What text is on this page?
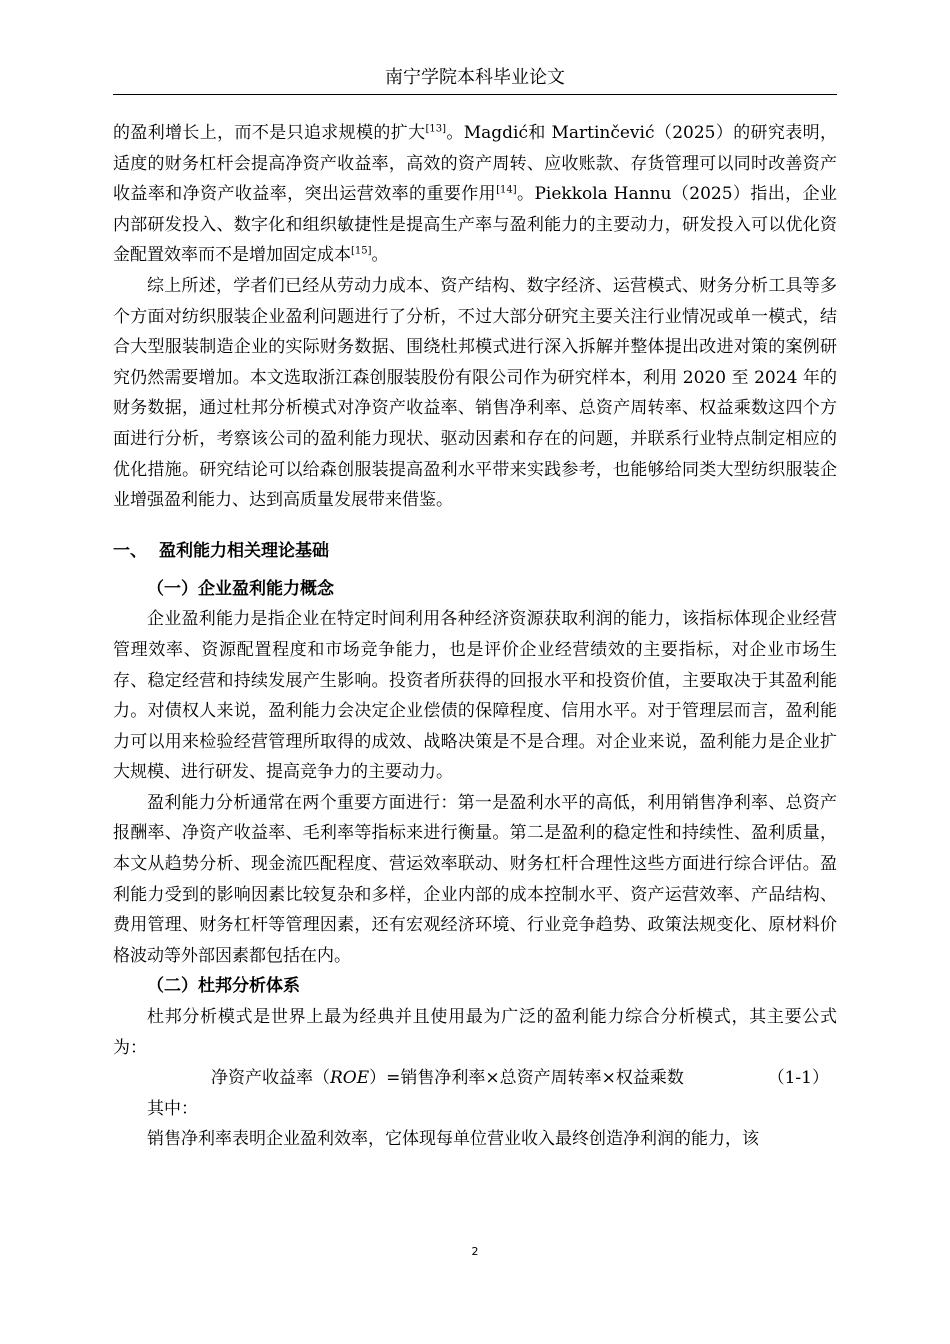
南宁学院本科毕业论文

的盈利增长上，而不是只追求规模的扩大[13]。Magdić和 Martinčević（2025）的研究表明，适度的财务杠杆会提高净资产收益率，高效的资产周转、应收账款、存货管理可以同时改善资产收益率和净资产收益率，突出运营效率的重要作用[14]。Piekkola Hannu（2025）指出，企业内部研发投入、数字化和组织敏捷性是提高生产率与盈利能力的主要动力，研发投入可以优化资金配置效率而不是增加固定成本[15]。

综上所述，学者们已经从劳动力成本、资产结构、数字经济、运营模式、财务分析工具等多个方面对纺织服装企业盈利问题进行了分析，不过大部分研究主要关注行业情况或单一模式，结合大型服装制造企业的实际财务数据、围绕杜邦模式进行深入拆解并整体提出改进对策的案例研究仍然需要增加。本文选取浙江森创服装股份有限公司作为研究样本，利用 2020 至 2024 年的财务数据，通过杜邦分析模式对净资产收益率、销售净利率、总资产周转率、权益乘数这四个方面进行分析，考察该公司的盈利能力现状、驱动因素和存在的问题，并联系行业特点制定相应的优化措施。研究结论可以给森创服装提高盈利水平带来实践参考，也能够给同类大型纺织服装企业增强盈利能力、达到高质量发展带来借鉴。

一、 盈利能力相关理论基础
（一）企业盈利能力概念

企业盈利能力是指企业在特定时间利用各种经济资源获取利润的能力，该指标体现企业经营管理效率、资源配置程度和市场竞争能力，也是评价企业经营绩效的主要指标，对企业市场生存、稳定经营和持续发展产生影响。投资者所获得的回报水平和投资价值，主要取决于其盈利能力。对债权人来说，盈利能力会决定企业偿债的保障程度、信用水平。对于管理层而言，盈利能力可以用来检验经营管理所取得的成效、战略决策是不是合理。对企业来说，盈利能力是企业扩大规模、进行研发、提高竞争力的主要动力。

盈利能力分析通常在两个重要方面进行：第一是盈利水平的高低，利用销售净利率、总资产报酬率、净资产收益率、毛利率等指标来进行衡量。第二是盈利的稳定性和持续性、盈利质量，本文从趋势分析、现金流匹配程度、营运效率联动、财务杠杆合理性这些方面进行综合评估。盈利能力受到的影响因素比较复杂和多样，企业内部的成本控制水平、资产运营效率、产品结构、费用管理、财务杠杆等管理因素，还有宏观经济环境、行业竞争趋势、政策法规变化、原材料价格波动等外部因素都包括在内。

（二）杜邦分析体系

杜邦分析模式是世界上最为经典并且使用最为广泛的盈利能力综合分析模式，其主要公式为：

净资产收益率（ROE）=销售净利率×总资产周转率×权益乘数	（1-1）

其中：

销售净利率表明企业盈利效率，它体现每单位营业收入最终创造净利润的能力，该

2
